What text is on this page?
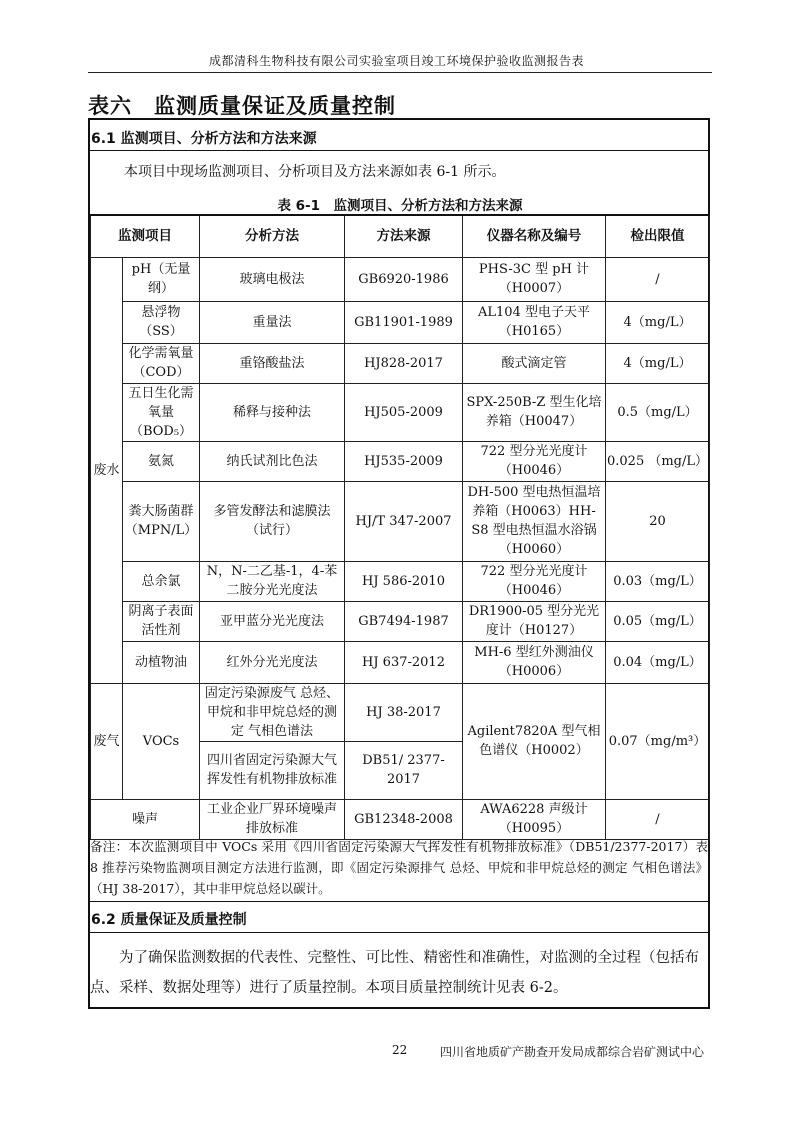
成都清科生物科技有限公司实验室项目竣工环境保护验收监测报告表
表六　监测质量保证及质量控制
6.1 监测项目、分析方法和方法来源
本项目中现场监测项目、分析项目及方法来源如表 6-1 所示。
表 6-1　监测项目、分析方法和方法来源
监测项目		分析方法	方法来源	仪器名称及编号	检出限值
废水	pH（无量纲）	玻璃电极法	GB6920-1986	PHS-3C 型 pH 计（H0007）	/
	悬浮物（SS）	重量法	GB11901-1989	AL104 型电子天平（H0165）	4（mg/L）
	化学需氧量（COD）	重铬酸盐法	HJ828-2017	酸式滴定管	4（mg/L）
	五日生化需氧量（BOD₅）	稀释与接种法	HJ505-2009	SPX-250B-Z 型生化培养箱（H0047）	0.5（mg/L）
	氨氮	纳氏试剂比色法	HJ535-2009	722 型分光光度计（H0046）	0.025 （mg/L）
	粪大肠菌群（MPN/L）	多管发酵法和滤膜法（试行）	HJ/T 347-2007	DH-500 型电热恒温培养箱（H0063）HH-S8 型电热恒温水浴锅（H0060）	20
	总余氯	N，N-二乙基-1，4-苯二胺分光光度法	HJ 586-2010	722 型分光光度计（H0046）	0.03（mg/L）
	阴离子表面活性剂	亚甲蓝分光光度法	GB7494-1987	DR1900-05 型分光光度计（H0127）	0.05（mg/L）
	动植物油	红外分光光度法	HJ 637-2012	MH-6 型红外测油仪（H0006）	0.04（mg/L）
废气	VOCs	固定污染源废气 总烃、甲烷和非甲烷总烃的测定 气相色谱法	HJ 38-2017	Agilent7820A 型气相色谱仪（H0002）	0.07（mg/m³）
		四川省固定污染源大气挥发性有机物排放标准	DB51/ 2377-2017		
噪声		工业企业厂界环境噪声排放标准	GB12348-2008	AWA6228 声级计（H0095）	/
备注：本次监测项目中 VOCs 采用《四川省固定污染源大气挥发性有机物排放标准》（DB51/2377-2017）表 8 推荐污染物监测项目测定方法进行监测，即《固定污染源排气 总烃、甲烷和非甲烷总烃的测定 气相色谱法》（HJ 38-2017），其中非甲烷总烃以碳计。
6.2 质量保证及质量控制
为了确保监测数据的代表性、完整性、可比性、精密性和准确性，对监测的全过程（包括布点、采样、数据处理等）进行了质量控制。本项目质量控制统计见表 6-2。
22	四川省地质矿产勘查开发局成都综合岩矿测试中心
